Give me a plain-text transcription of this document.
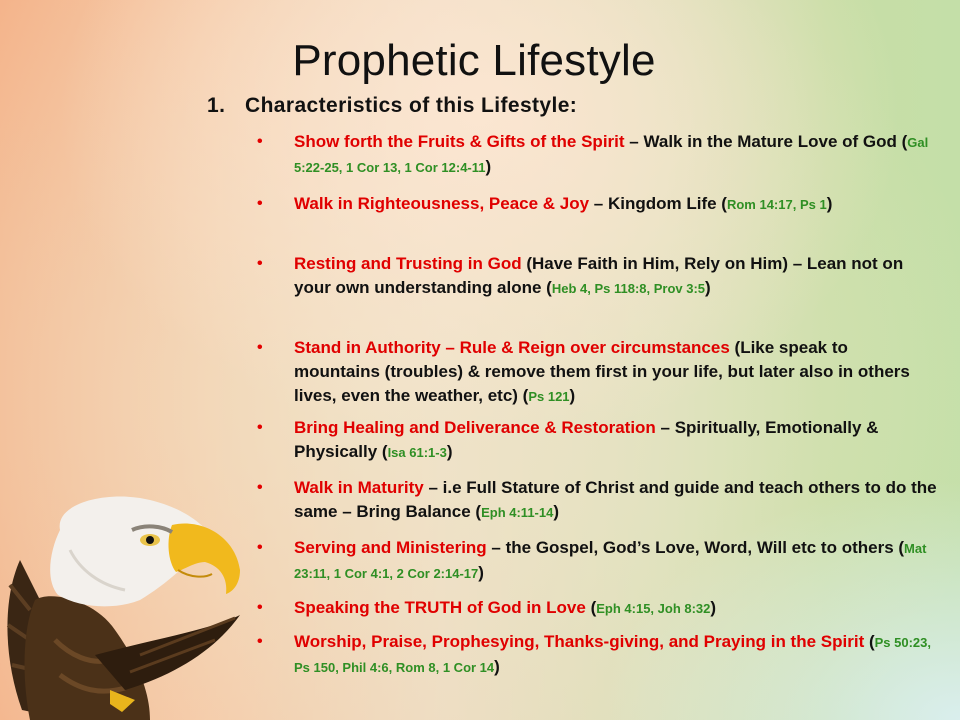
Prophetic Lifestyle
1. Characteristics of this Lifestyle:
• Show forth the Fruits & Gifts of the Spirit – Walk in the Mature Love of God (Gal 5:22-25, 1 Cor 13, 1 Cor 12:4-11)
• Walk in Righteousness, Peace & Joy – Kingdom Life (Rom 14:17, Ps 1)
• Resting and Trusting in God (Have Faith in Him, Rely on Him) – Lean not on your own understanding alone (Heb 4, Ps 118:8, Prov 3:5)
• Stand in Authority – Rule & Reign over circumstances (Like speak to mountains (troubles) & remove them first in your life, but later also in others lives, even the weather, etc) (Ps 121)
• Bring Healing and Deliverance & Restoration – Spiritually, Emotionally & Physically (Isa 61:1-3)
• Walk in Maturity – i.e Full Stature of Christ and guide and teach others to do the same – Bring Balance (Eph 4:11-14)
• Serving and Ministering – the Gospel, God’s Love, Word, Will etc to others (Mat 23:11, 1 Cor 4:1, 2 Cor 2:14-17)
• Speaking the TRUTH of God in Love (Eph 4:15, Joh 8:32)
• Worship, Praise, Prophesying, Thanks-giving, and Praying in the Spirit (Ps 50:23, Ps 150, Phil 4:6, Rom 8, 1 Cor 14)
